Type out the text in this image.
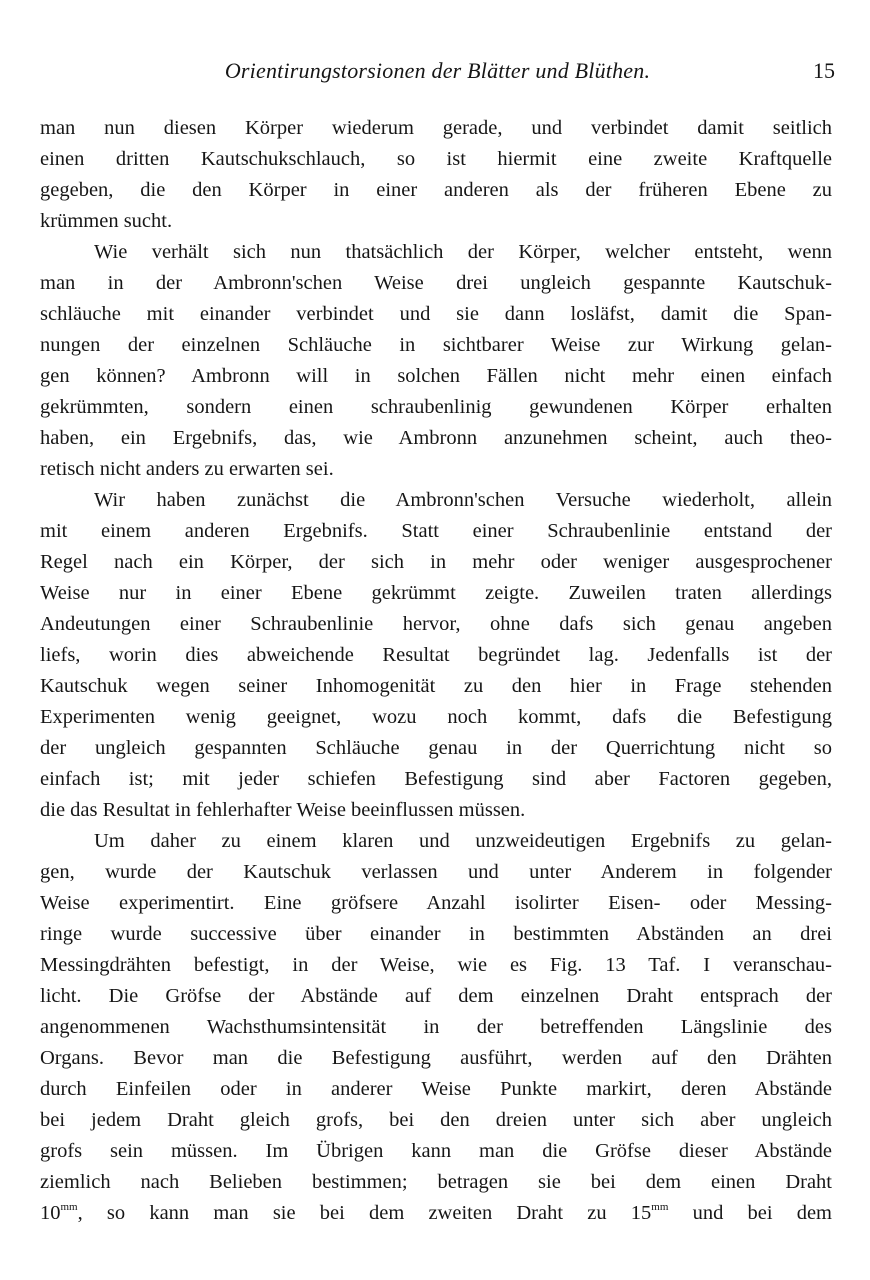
Orientirungstorsionen der Blätter und Blüthen.	15
man nun diesen Körper wiederum gerade, und verbindet damit seitlich
einen dritten Kautschukschlauch, so ist hiermit eine zweite Kraftquelle
gegeben, die den Körper in einer anderen als der früheren Ebene zu
krümmen sucht.
Wie verhält sich nun thatsächlich der Körper, welcher entsteht, wenn
man in der Ambronn'schen Weise drei ungleich gespannte Kautschuk-
schläuche mit einander verbindet und sie dann losläfst, damit die Span-
nungen der einzelnen Schläuche in sichtbarer Weise zur Wirkung gelan-
gen können? Ambronn will in solchen Fällen nicht mehr einen einfach
gekrümmten, sondern einen schraubenlinig gewundenen Körper erhalten
haben, ein Ergebnifs, das, wie Ambronn anzunehmen scheint, auch theo-
retisch nicht anders zu erwarten sei.
Wir haben zunächst die Ambronn'schen Versuche wiederholt, allein
mit einem anderen Ergebnifs. Statt einer Schraubenlinie entstand der
Regel nach ein Körper, der sich in mehr oder weniger ausgesprochener
Weise nur in einer Ebene gekrümmt zeigte. Zuweilen traten allerdings
Andeutungen einer Schraubenlinie hervor, ohne dafs sich genau angeben
liefs, worin dies abweichende Resultat begründet lag. Jedenfalls ist der
Kautschuk wegen seiner Inhomogenität zu den hier in Frage stehenden
Experimenten wenig geeignet, wozu noch kommt, dafs die Befestigung
der ungleich gespannten Schläuche genau in der Querrichtung nicht so
einfach ist; mit jeder schiefen Befestigung sind aber Factoren gegeben,
die das Resultat in fehlerhafter Weise beeinflussen müssen.
Um daher zu einem klaren und unzweideutigen Ergebnifs zu gelan-
gen, wurde der Kautschuk verlassen und unter Anderem in folgender
Weise experimentirt. Eine gröfsere Anzahl isolirter Eisen- oder Messing-
ringe wurde successive über einander in bestimmten Abständen an drei
Messingdrähten befestigt, in der Weise, wie es Fig. 13 Taf. I veranschau-
licht. Die Gröfse der Abstände auf dem einzelnen Draht entsprach der
angenommenen Wachsthumsintensität in der betreffenden Längslinie des
Organs. Bevor man die Befestigung ausführt, werden auf den Drähten
durch Einfeilen oder in anderer Weise Punkte markirt, deren Abstände
bei jedem Draht gleich grofs, bei den dreien unter sich aber ungleich
grofs sein müssen. Im Übrigen kann man die Gröfse dieser Abstände
ziemlich nach Belieben bestimmen; betragen sie bei dem einen Draht
$10^{mm}$, so kann man sie bei dem zweiten Draht zu $15^{mm}$ und bei dem
